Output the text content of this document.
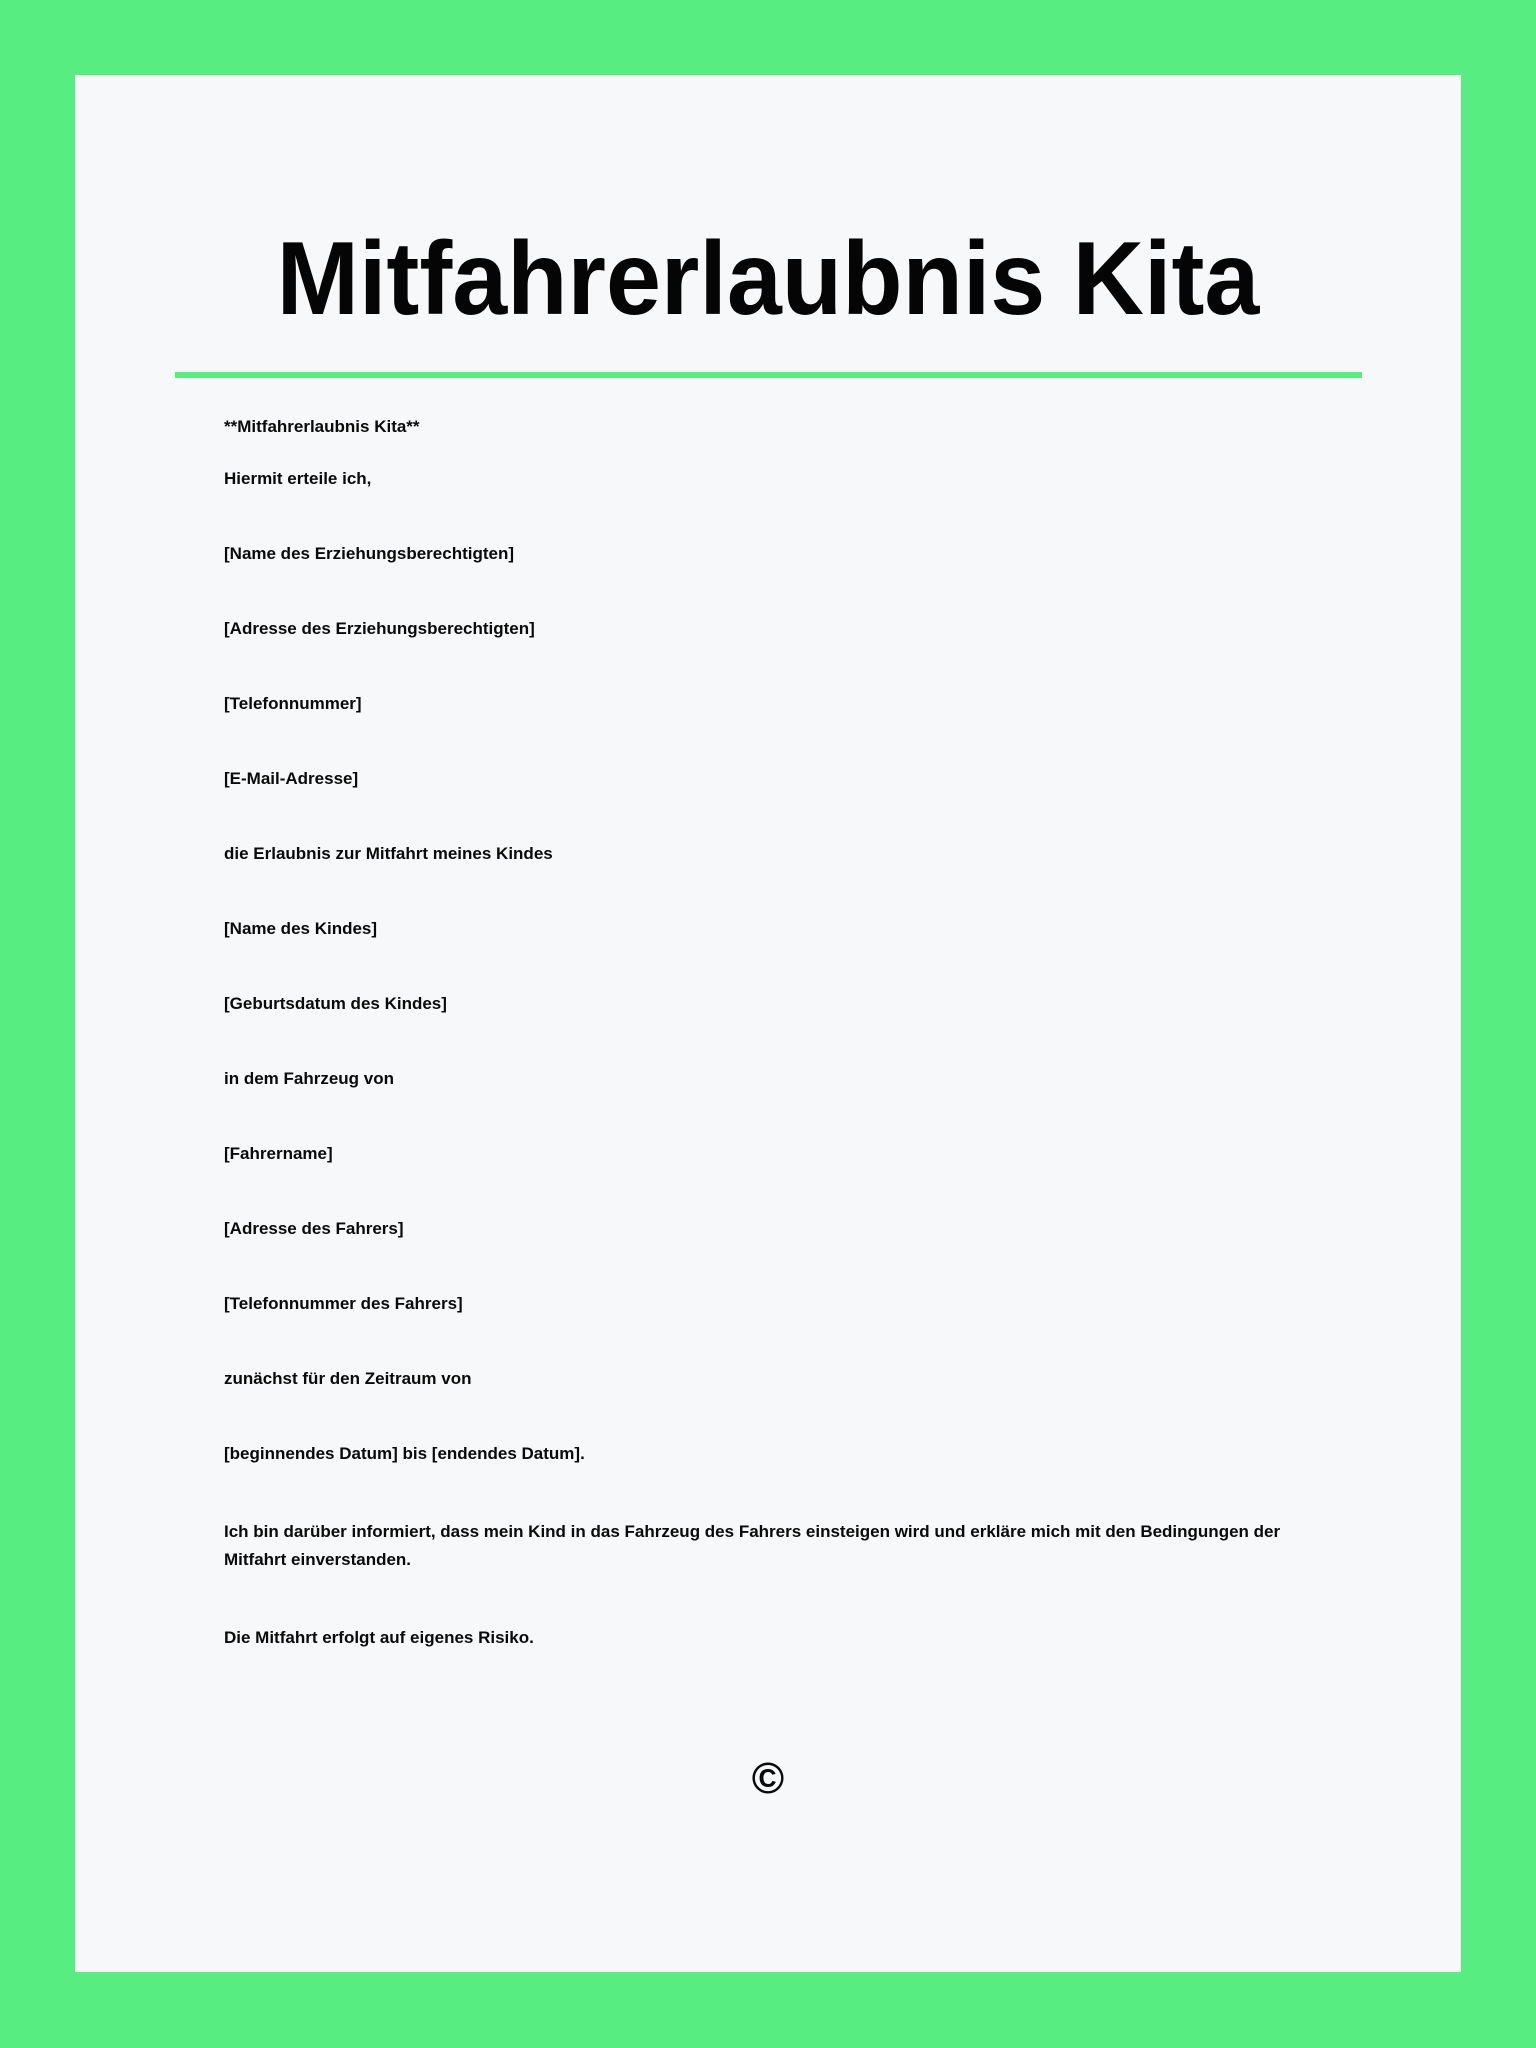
Mitfahrerlaubnis Kita

**Mitfahrerlaubnis Kita**

Hiermit erteile ich,

[Name des Erziehungsberechtigten]

[Adresse des Erziehungsberechtigten]

[Telefonnummer]

[E-Mail-Adresse]

die Erlaubnis zur Mitfahrt meines Kindes

[Name des Kindes]

[Geburtsdatum des Kindes]

in dem Fahrzeug von

[Fahrername]

[Adresse des Fahrers]

[Telefonnummer des Fahrers]

zunächst für den Zeitraum von

[beginnendes Datum] bis [endendes Datum].

Ich bin darüber informiert, dass mein Kind in das Fahrzeug des Fahrers einsteigen wird und erkläre mich mit den Bedingungen der Mitfahrt einverstanden.

Die Mitfahrt erfolgt auf eigenes Risiko.

©
